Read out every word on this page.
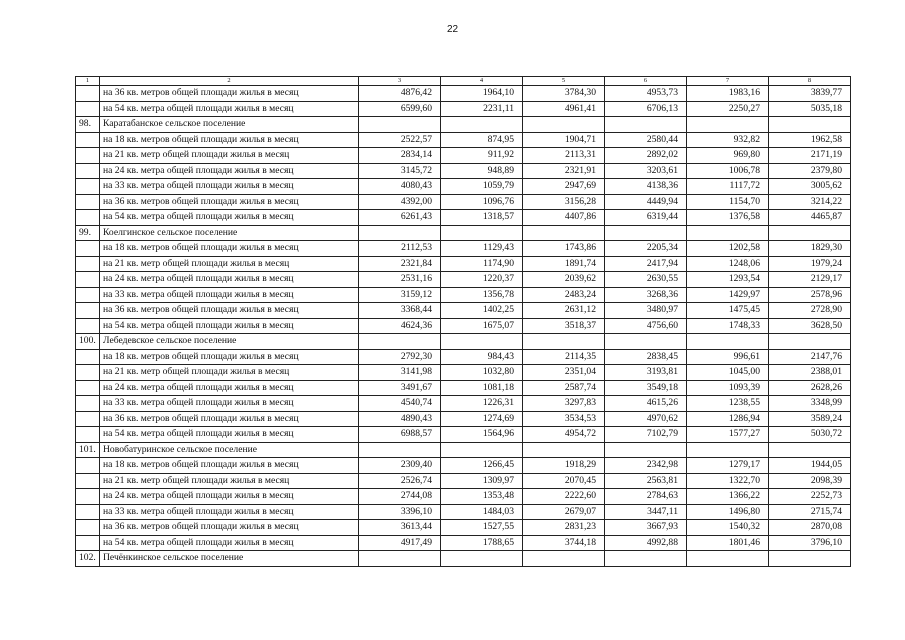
22
1	2	3	4	5	6	7	8
	на 36 кв. метров общей площади жилья в месяц	4876,42	1964,10	3784,30	4953,73	1983,16	3839,77
	на 54 кв. метра общей площади жилья в месяц	6599,60	2231,11	4961,41	6706,13	2250,27	5035,18
98.	Каратабанское сельское поселение						
	на 18 кв. метров общей площади жилья в месяц	2522,57	874,95	1904,71	2580,44	932,82	1962,58
	на 21 кв. метр общей площади жилья в месяц	2834,14	911,92	2113,31	2892,02	969,80	2171,19
	на 24 кв. метра общей площади жилья в месяц	3145,72	948,89	2321,91	3203,61	1006,78	2379,80
	на 33 кв. метра общей площади жилья в месяц	4080,43	1059,79	2947,69	4138,36	1117,72	3005,62
	на 36 кв. метров общей площади жилья в месяц	4392,00	1096,76	3156,28	4449,94	1154,70	3214,22
	на 54 кв. метра общей площади жилья в месяц	6261,43	1318,57	4407,86	6319,44	1376,58	4465,87
99.	Коелгинское сельское поселение						
	на 18 кв. метров общей площади жилья в месяц	2112,53	1129,43	1743,86	2205,34	1202,58	1829,30
	на 21 кв. метр общей площади жилья в месяц	2321,84	1174,90	1891,74	2417,94	1248,06	1979,24
	на 24 кв. метра общей площади жилья в месяц	2531,16	1220,37	2039,62	2630,55	1293,54	2129,17
	на 33 кв. метра общей площади жилья в месяц	3159,12	1356,78	2483,24	3268,36	1429,97	2578,96
	на 36 кв. метров общей площади жилья в месяц	3368,44	1402,25	2631,12	3480,97	1475,45	2728,90
	на 54 кв. метра общей площади жилья в месяц	4624,36	1675,07	3518,37	4756,60	1748,33	3628,50
100.	Лебедевское сельское поселение						
	на 18 кв. метров общей площади жилья в месяц	2792,30	984,43	2114,35	2838,45	996,61	2147,76
	на 21 кв. метр общей площади жилья в месяц	3141,98	1032,80	2351,04	3193,81	1045,00	2388,01
	на 24 кв. метра общей площади жилья в месяц	3491,67	1081,18	2587,74	3549,18	1093,39	2628,26
	на 33 кв. метра общей площади жилья в месяц	4540,74	1226,31	3297,83	4615,26	1238,55	3348,99
	на 36 кв. метров общей площади жилья в месяц	4890,43	1274,69	3534,53	4970,62	1286,94	3589,24
	на 54 кв. метра общей площади жилья в месяц	6988,57	1564,96	4954,72	7102,79	1577,27	5030,72
101.	Новобатуринское сельское поселение						
	на 18 кв. метров общей площади жилья в месяц	2309,40	1266,45	1918,29	2342,98	1279,17	1944,05
	на 21 кв. метр общей площади жилья в месяц	2526,74	1309,97	2070,45	2563,81	1322,70	2098,39
	на 24 кв. метра общей площади жилья в месяц	2744,08	1353,48	2222,60	2784,63	1366,22	2252,73
	на 33 кв. метра общей площади жилья в месяц	3396,10	1484,03	2679,07	3447,11	1496,80	2715,74
	на 36 кв. метров общей площади жилья в месяц	3613,44	1527,55	2831,23	3667,93	1540,32	2870,08
	на 54 кв. метра общей площади жилья в месяц	4917,49	1788,65	3744,18	4992,88	1801,46	3796,10
102.	Печёнкинское сельское поселение						
